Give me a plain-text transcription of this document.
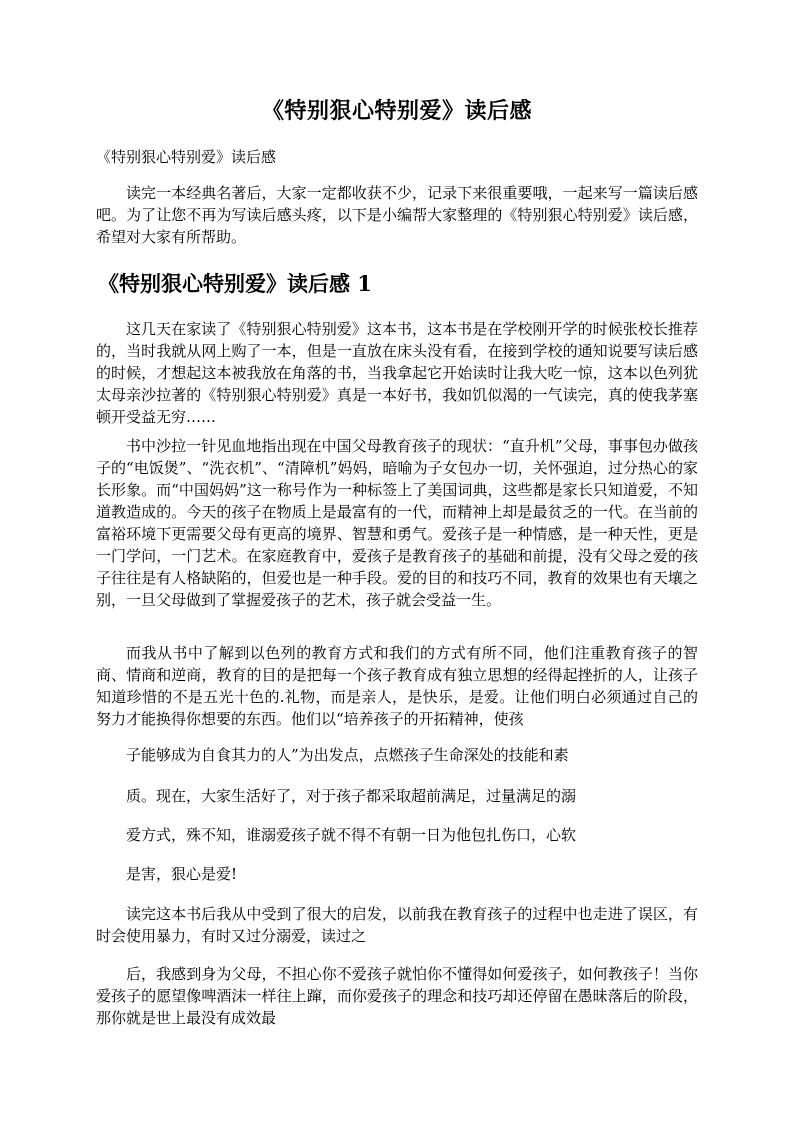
《特别狠心特别爱》读后感
《特别狠心特别爱》读后感

读完一本经典名著后，大家一定都收获不少，记录下来很重要哦，一起来写一篇读后感吧。为了让您不再为写读后感头疼，以下是小编帮大家整理的《特别狠心特别爱》读后感，希望对大家有所帮助。

《特别狠心特别爱》读后感 1

这几天在家读了《特别狠心特别爱》这本书，这本书是在学校刚开学的时候张校长推荐的，当时我就从网上购了一本，但是一直放在床头没有看，在接到学校的通知说要写读后感的时候，才想起这本被我放在角落的书，当我拿起它开始读时让我大吃一惊，这本以色列犹太母亲沙拉著的《特别狠心特别爱》真是一本好书，我如饥似渴的一气读完，真的使我茅塞顿开受益无穷……

书中沙拉一针见血地指出现在中国父母教育孩子的现状：“直升机”父母，事事包办做孩子的“电饭煲”、“洗衣机”、“清障机”妈妈，暗喻为子女包办一切，关怀强迫，过分热心的家长形象。而“中国妈妈”这一称号作为一种标签上了美国词典，这些都是家长只知道爱，不知道教造成的。今天的孩子在物质上是最富有的一代，而精神上却是最贫乏的一代。在当前的富裕环境下更需要父母有更高的境界、智慧和勇气。爱孩子是一种情感，是一种天性，更是一门学问，一门艺术。在家庭教育中，爱孩子是教育孩子的基础和前提，没有父母之爱的孩子往往是有人格缺陷的，但爱也是一种手段。爱的目的和技巧不同，教育的效果也有天壤之别，一旦父母做到了掌握爱孩子的艺术，孩子就会受益一生。

而我从书中了解到以色列的教育方式和我们的方式有所不同，他们注重教育孩子的智商、情商和逆商，教育的目的是把每一个孩子教育成有独立思想的经得起挫折的人，让孩子知道珍惜的不是五光十色的.礼物，而是亲人，是快乐，是爱。让他们明白必须通过自己的努力才能换得你想要的东西。他们以“培养孩子的开拓精神，使孩

子能够成为自食其力的人”为出发点，点燃孩子生命深处的技能和素

质。现在，大家生活好了，对于孩子都采取超前满足，过量满足的溺

爱方式，殊不知，谁溺爱孩子就不得不有朝一日为他包扎伤口，心软

是害，狠心是爱!

读完这本书后我从中受到了很大的启发，以前我在教育孩子的过程中也走进了误区，有时会使用暴力，有时又过分溺爱，读过之

后，我感到身为父母，不担心你不爱孩子就怕你不懂得如何爱孩子，如何教孩子！当你爱孩子的愿望像啤酒沫一样往上蹿，而你爱孩子的理念和技巧却还停留在愚昧落后的阶段，那你就是世上最没有成效最
